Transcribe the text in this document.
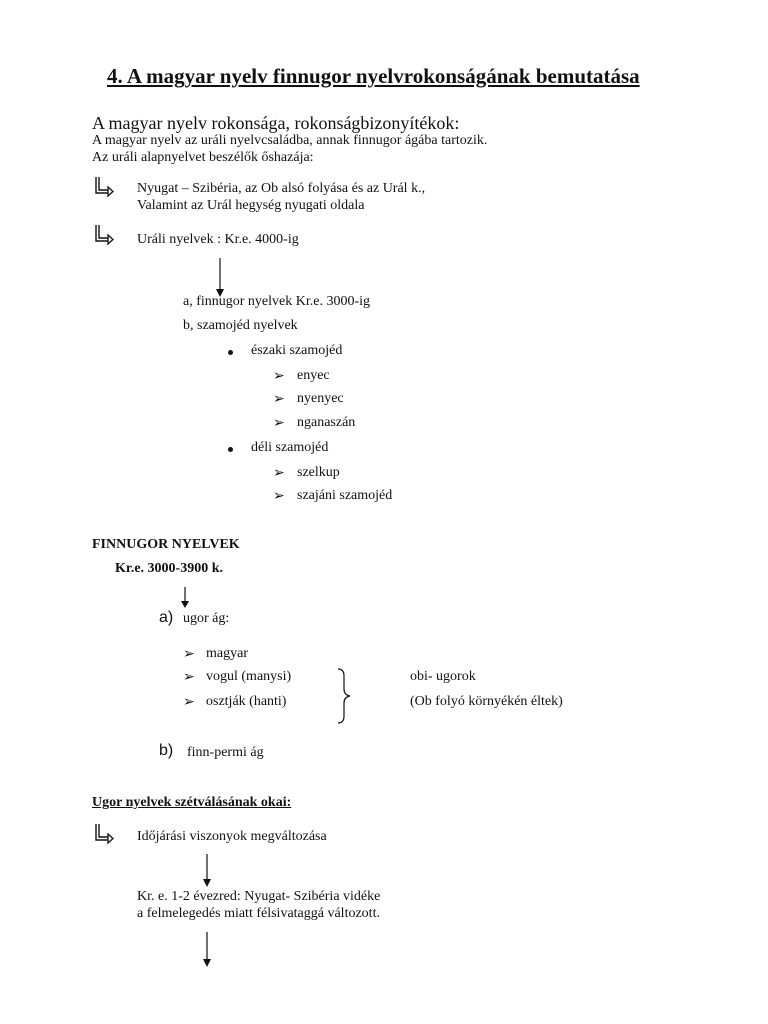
4. A magyar nyelv finnugor nyelvrokonságának bemutatása
A magyar nyelv rokonsága, rokonságbizonyítékok:
A magyar nyelv az uráli nyelvcsaládba, annak finnugor ágába tartozik.
Az uráli alapnyelvet beszélők őshazája:
Nyugat – Szibéria, az Ob alsó folyása és az Urál k.,
Valamint az Urál hegység nyugati oldala
Uráli nyelvek : Kr.e. 4000-ig
a, finnugor nyelvek Kr.e. 3000-ig
b, szamojéd nyelvek
északi szamojéd
➢ enyec
➢ nyenyec
➢ nganaszán
déli szamojéd
➢ szelkup
➢ szajáni szamojéd
FINNUGOR NYELVEK
Kr.e. 3000-3900 k.
a) ugor ág:
➢ magyar
➢ vogul (manysi)
➢ osztják (hanti)
obi- ugorok
(Ob folyó környékén éltek)
b) finn-permi ág
Ugor nyelvek szétválásának okai:
Időjárási viszonyok megváltozása
Kr. e. 1-2 évezred: Nyugat- Szibéria vidéke
a felmelegedés miatt félsivataggá változott.
